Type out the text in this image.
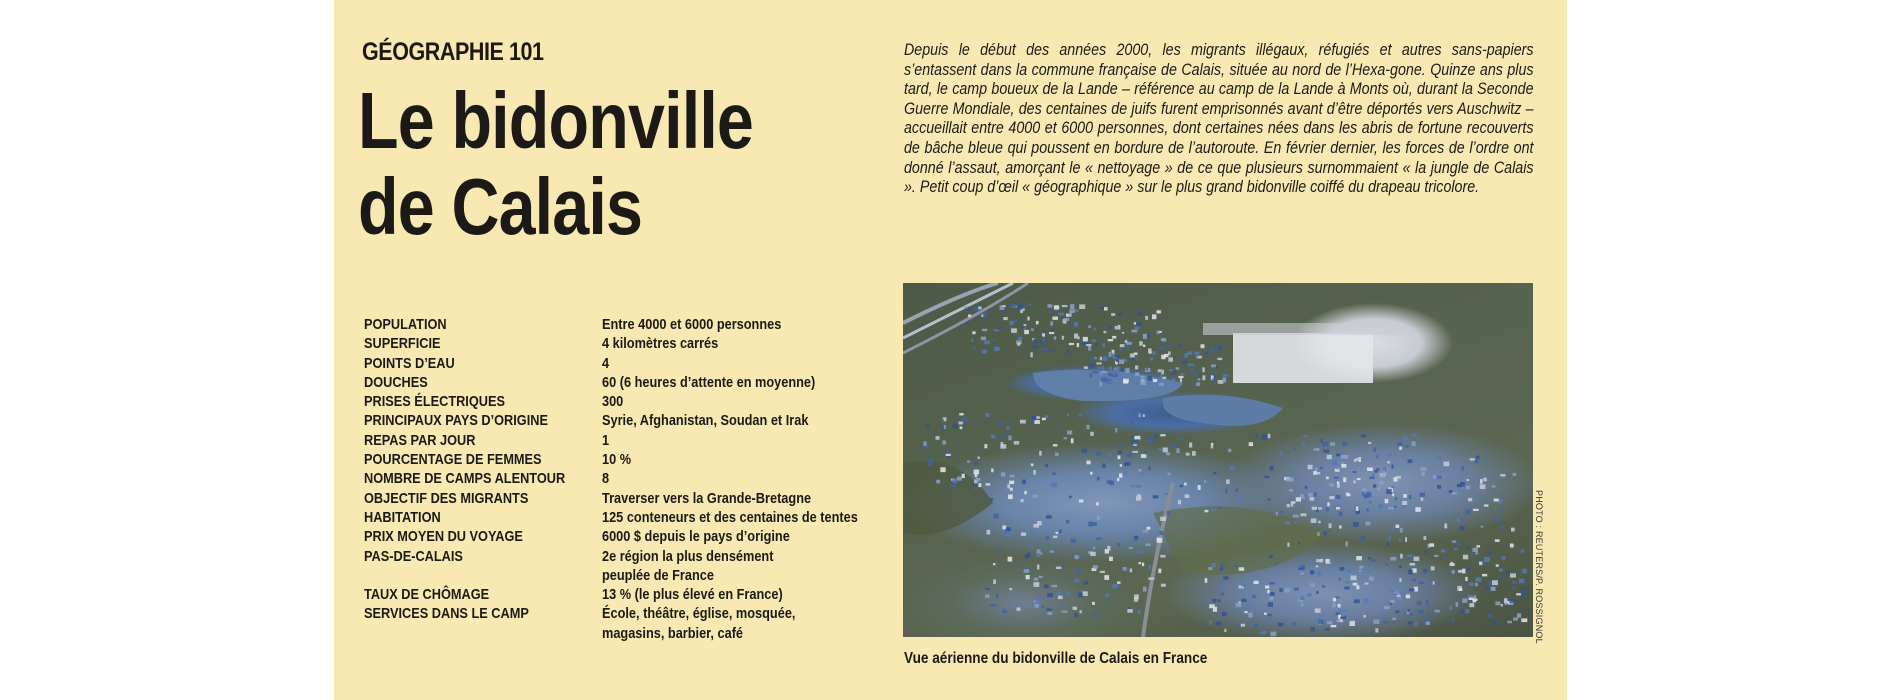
GÉOGRAPHIE 101
Le bidonville
de Calais
POPULATION	Entre 4000 et 6000 personnes
SUPERFICIE	4 kilomètres carrés
POINTS D’EAU	4
DOUCHES	60 (6 heures d’attente en moyenne)
PRISES ÉLECTRIQUES	300
PRINCIPAUX PAYS D’ORIGINE	Syrie, Afghanistan, Soudan et Irak
REPAS PAR JOUR	1
POURCENTAGE DE FEMMES	10 %
NOMBRE DE CAMPS ALENTOUR	8
OBJECTIF DES MIGRANTS	Traverser vers la Grande-Bretagne
HABITATION	125 conteneurs et des centaines de tentes
PRIX MOYEN DU VOYAGE	6000 $ depuis le pays d’origine
PAS-DE-CALAIS	2e région la plus densément
peuplée de France
TAUX DE CHÔMAGE	13 % (le plus élevé en France)
SERVICES DANS LE CAMP	École, théâtre, église, mosquée,
magasins, barbier, café
Depuis le début des années 2000, les migrants illégaux, réfugiés et autres sans-papiers s’entassent dans la commune française de Calais, située au nord de l’Hexa-gone. Quinze ans plus tard, le camp boueux de la Lande – référence au camp de la Lande à Monts où, durant la Seconde Guerre Mondiale, des centaines de juifs furent emprisonnés avant d’être déportés vers Auschwitz – accueillait entre 4000 et 6000 personnes, dont certaines nées dans les abris de fortune recouverts de bâche bleue qui poussent en bordure de l’autoroute. En février dernier, les forces de l’ordre ont donné l’assaut, amorçant le « nettoyage » de ce que plusieurs surnommaient « la jungle de Calais ». Petit coup d’œil « géographique » sur le plus grand bidonville coiffé du drapeau tricolore.
PHOTO : REUTERS/P. ROSSIGNOL
Vue aérienne du bidonville de Calais en France
